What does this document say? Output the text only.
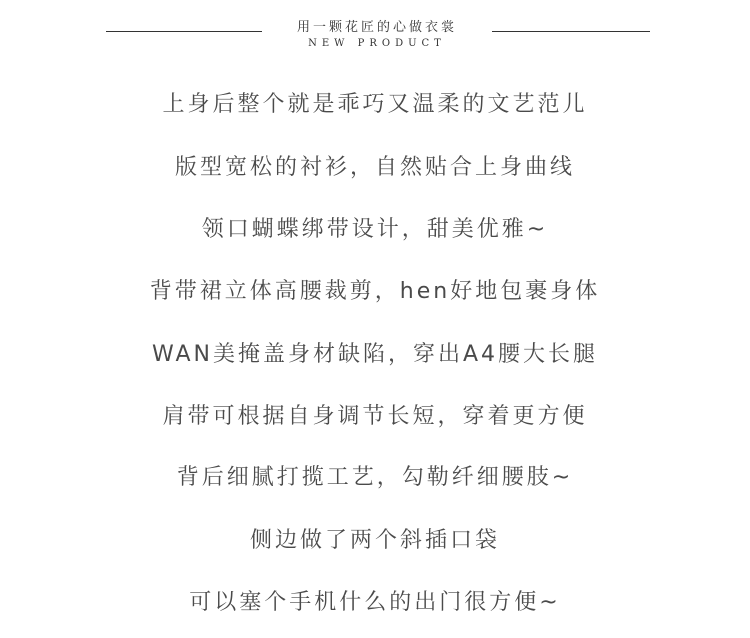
用一颗花匠的心做衣裳
NEW PRODUCT
上身后整个就是乖巧又温柔的文艺范儿
版型宽松的衬衫，自然贴合上身曲线
领口蝴蝶绑带设计，甜美优雅~
背带裙立体高腰裁剪，hen好地包裹身体
WAN美掩盖身材缺陷，穿出A4腰大长腿
肩带可根据自身调节长短，穿着更方便
背后细腻打揽工艺，勾勒纤细腰肢~
侧边做了两个斜插口袋
可以塞个手机什么的出门很方便~
